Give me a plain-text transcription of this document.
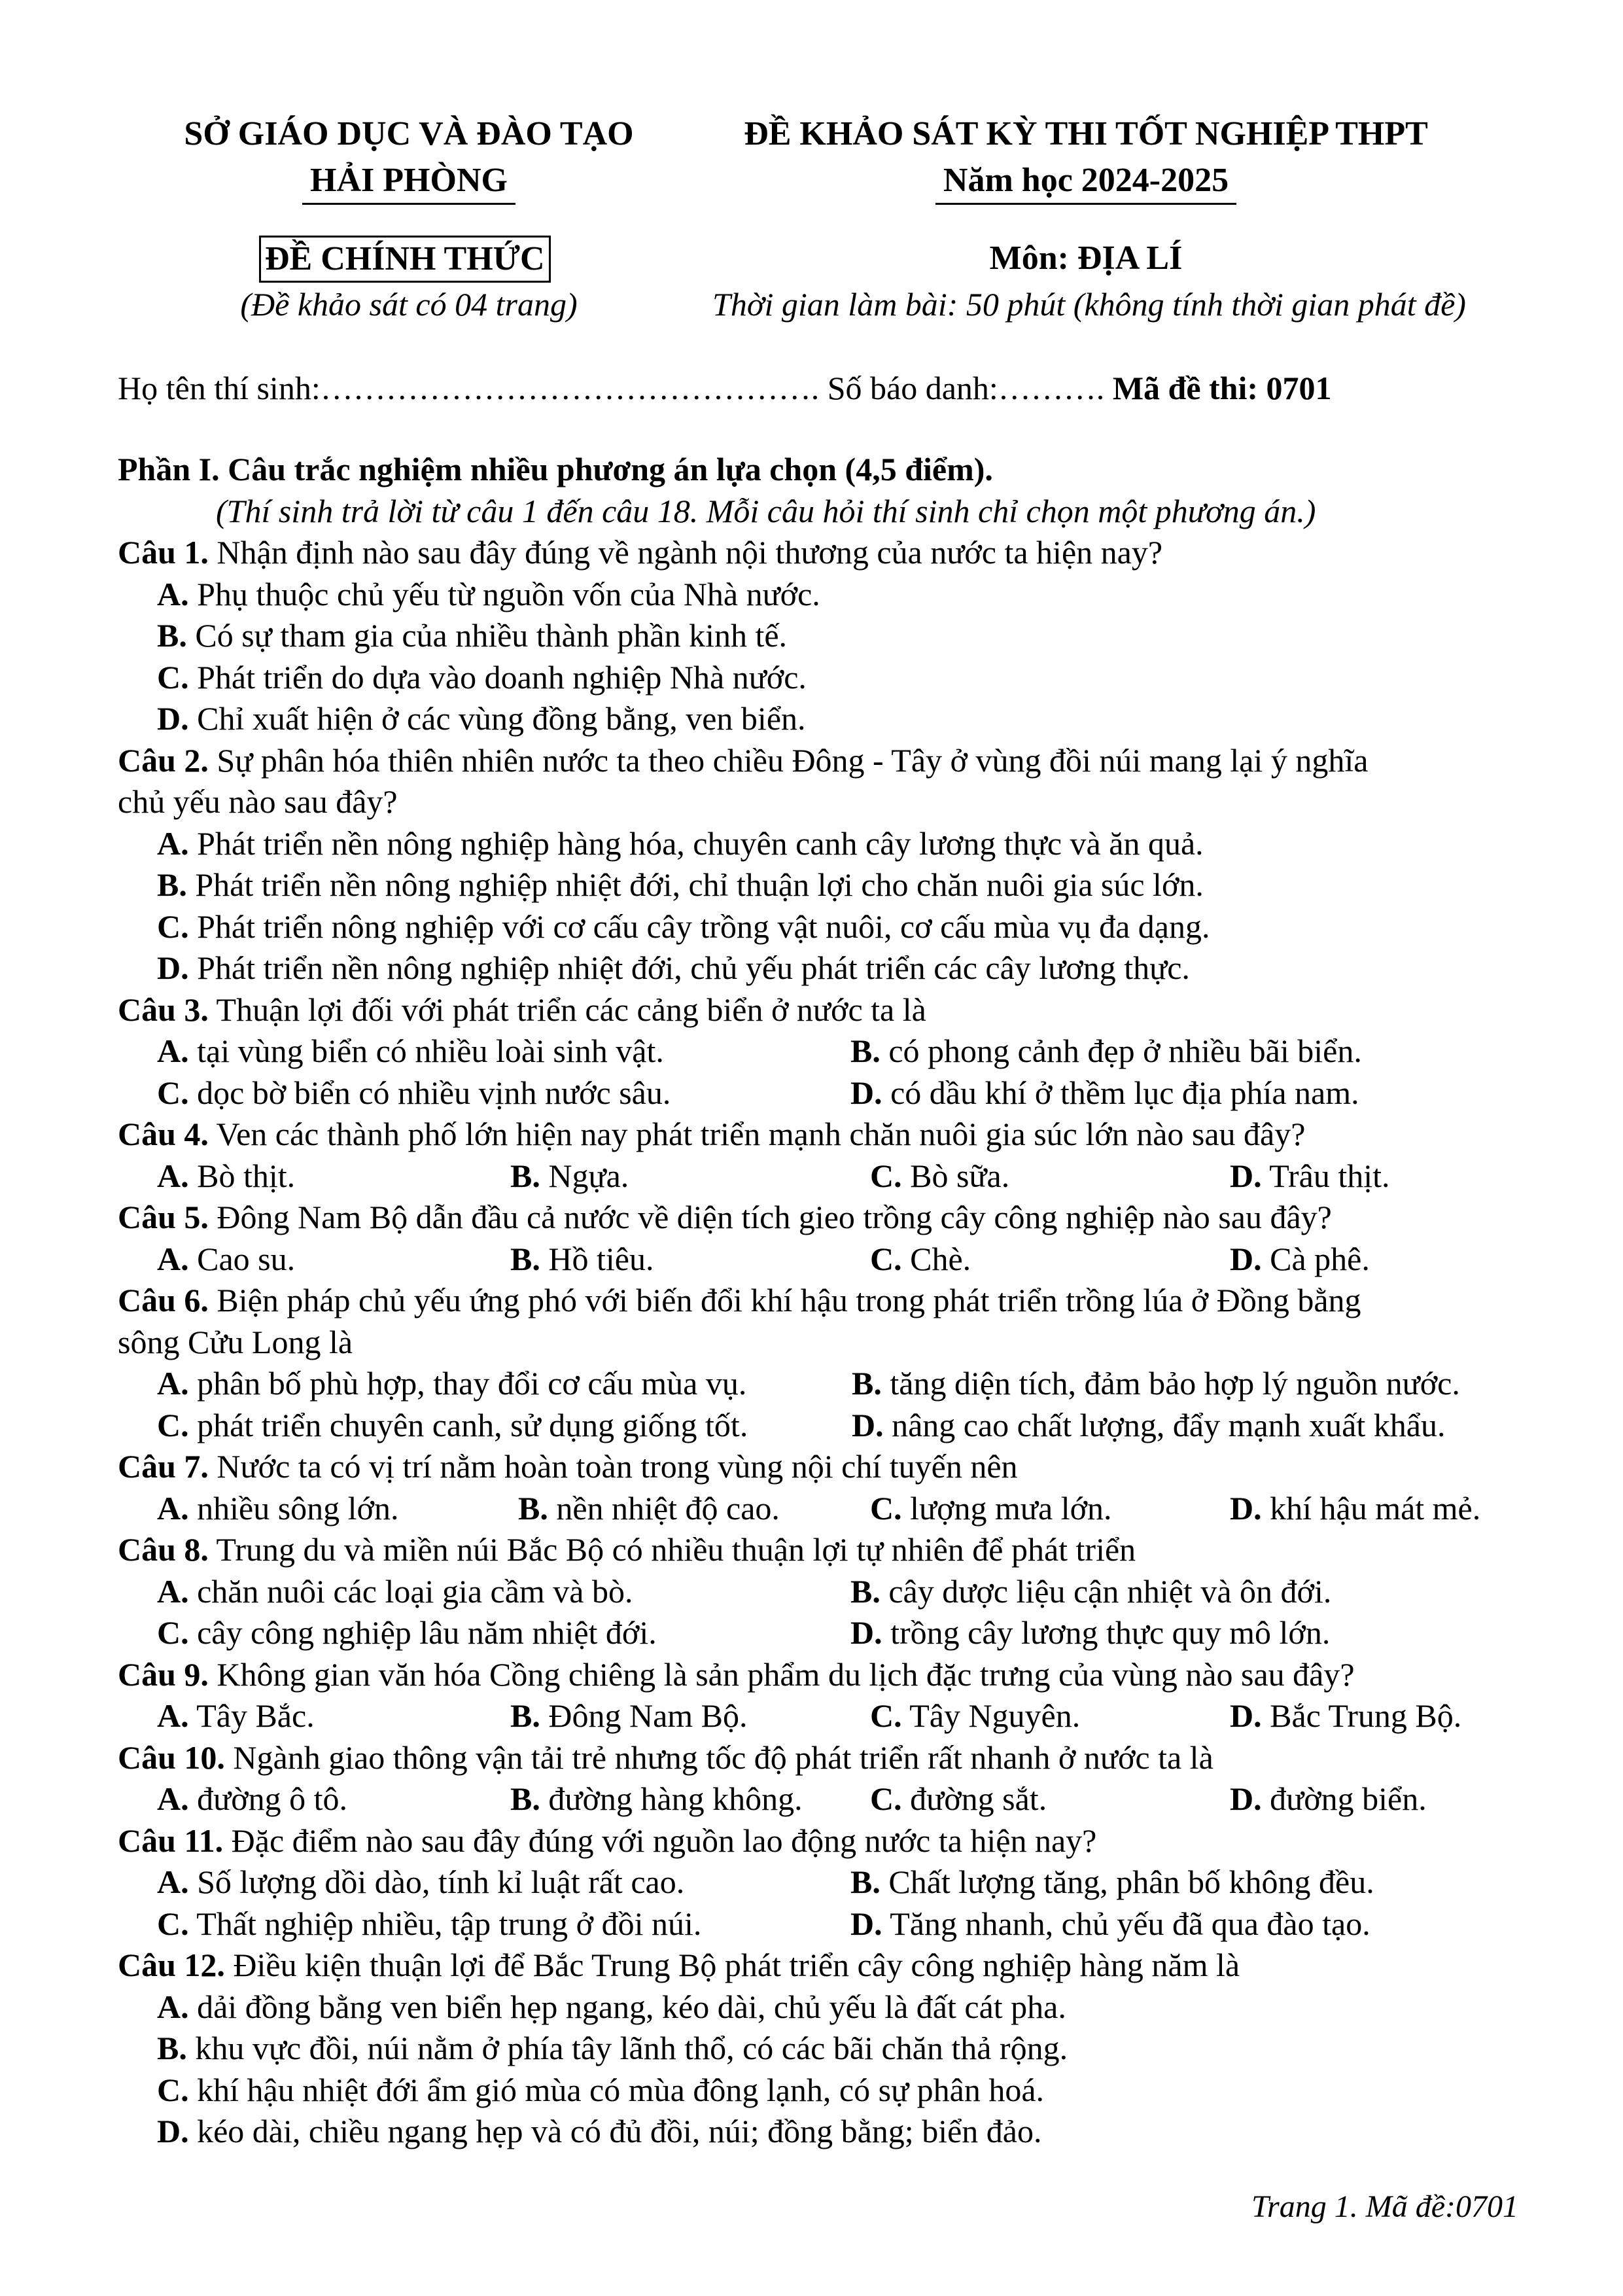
SỞ GIÁO DỤC VÀ ĐÀO TẠO
HẢI PHÒNG
ĐỀ KHẢO SÁT KỲ THI TỐT NGHIỆP THPT
Năm học 2024-2025
ĐỀ CHÍNH THỨC
(Đề khảo sát có 04 trang)
Môn: ĐỊA LÍ
Thời gian làm bài: 50 phút (không tính thời gian phát đề)
Họ tên thí sinh:………………………………………. Số báo danh:………. Mã đề thi: 0701
Phần I. Câu trắc nghiệm nhiều phương án lựa chọn (4,5 điểm).
(Thí sinh trả lời từ câu 1 đến câu 18. Mỗi câu hỏi thí sinh chỉ chọn một phương án.)
Câu 1. Nhận định nào sau đây đúng về ngành nội thương của nước ta hiện nay?
A. Phụ thuộc chủ yếu từ nguồn vốn của Nhà nước.
B. Có sự tham gia của nhiều thành phần kinh tế.
C. Phát triển do dựa vào doanh nghiệp Nhà nước.
D. Chỉ xuất hiện ở các vùng đồng bằng, ven biển.
Câu 2. Sự phân hóa thiên nhiên nước ta theo chiều Đông - Tây ở vùng đồi núi mang lại ý nghĩa
chủ yếu nào sau đây?
A. Phát triển nền nông nghiệp hàng hóa, chuyên canh cây lương thực và ăn quả.
B. Phát triển nền nông nghiệp nhiệt đới, chỉ thuận lợi cho chăn nuôi gia súc lớn.
C. Phát triển nông nghiệp với cơ cấu cây trồng vật nuôi, cơ cấu mùa vụ đa dạng.
D. Phát triển nền nông nghiệp nhiệt đới, chủ yếu phát triển các cây lương thực.
Câu 3. Thuận lợi đối với phát triển các cảng biển ở nước ta là
A. tại vùng biển có nhiều loài sinh vật.	B. có phong cảnh đẹp ở nhiều bãi biển.
C. dọc bờ biển có nhiều vịnh nước sâu.	D. có dầu khí ở thềm lục địa phía nam.
Câu 4. Ven các thành phố lớn hiện nay phát triển mạnh chăn nuôi gia súc lớn nào sau đây?
A. Bò thịt.	B. Ngựa.	C. Bò sữa.	D. Trâu thịt.
Câu 5. Đông Nam Bộ dẫn đầu cả nước về diện tích gieo trồng cây công nghiệp nào sau đây?
A. Cao su.	B. Hồ tiêu.	C. Chè.	D. Cà phê.
Câu 6. Biện pháp chủ yếu ứng phó với biến đổi khí hậu trong phát triển trồng lúa ở Đồng bằng
sông Cửu Long là
A. phân bố phù hợp, thay đổi cơ cấu mùa vụ.	B. tăng diện tích, đảm bảo hợp lý nguồn nước.
C. phát triển chuyên canh, sử dụng giống tốt.	D. nâng cao chất lượng, đẩy mạnh xuất khẩu.
Câu 7. Nước ta có vị trí nằm hoàn toàn trong vùng nội chí tuyến nên
A. nhiều sông lớn.	B. nền nhiệt độ cao.	C. lượng mưa lớn.	D. khí hậu mát mẻ.
Câu 8. Trung du và miền núi Bắc Bộ có nhiều thuận lợi tự nhiên để phát triển
A. chăn nuôi các loại gia cầm và bò.	B. cây dược liệu cận nhiệt và ôn đới.
C. cây công nghiệp lâu năm nhiệt đới.	D. trồng cây lương thực quy mô lớn.
Câu 9. Không gian văn hóa Cồng chiêng là sản phẩm du lịch đặc trưng của vùng nào sau đây?
A. Tây Bắc.	B. Đông Nam Bộ.	C. Tây Nguyên.	D. Bắc Trung Bộ.
Câu 10. Ngành giao thông vận tải trẻ nhưng tốc độ phát triển rất nhanh ở nước ta là
A. đường ô tô.	B. đường hàng không.	C. đường sắt.	D. đường biển.
Câu 11. Đặc điểm nào sau đây đúng với nguồn lao động nước ta hiện nay?
A. Số lượng dồi dào, tính kỉ luật rất cao.	B. Chất lượng tăng, phân bố không đều.
C. Thất nghiệp nhiều, tập trung ở đồi núi.	D. Tăng nhanh, chủ yếu đã qua đào tạo.
Câu 12. Điều kiện thuận lợi để Bắc Trung Bộ phát triển cây công nghiệp hàng năm là
A. dải đồng bằng ven biển hẹp ngang, kéo dài, chủ yếu là đất cát pha.
B. khu vực đồi, núi nằm ở phía tây lãnh thổ, có các bãi chăn thả rộng.
C. khí hậu nhiệt đới ẩm gió mùa có mùa đông lạnh, có sự phân hoá.
D. kéo dài, chiều ngang hẹp và có đủ đồi, núi; đồng bằng; biển đảo.
Trang 1. Mã đề:0701
